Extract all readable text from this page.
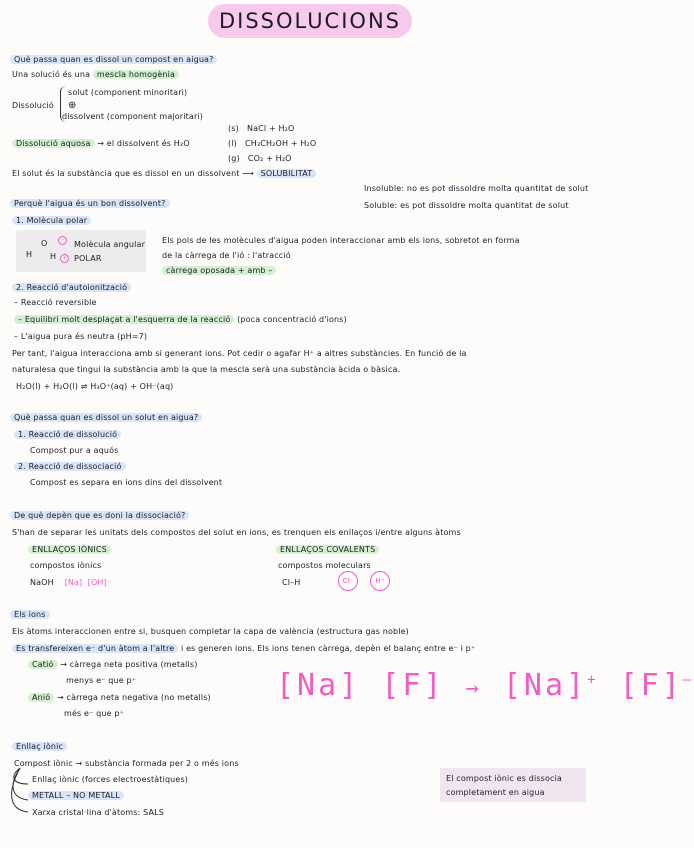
DISSOLUCIONS
Què passa quan es dissol un compost en aigua?
Una solució és una mescla homogènia
Dissolució
solut (component minoritari)
⊕
dissolvent (component majoritari)
(s) NaCl + H₂O
Dissolució aquosa → el dissolvent és H₂O	(l) CH₃CH₂OH + H₂O
(g) CO₂ + H₂O
El solut és la substància que es dissol en un dissolvent ⟶ SOLUBILITAT
Insoluble: no es pot dissoldre molta quantitat de solut
Soluble: es pot dissoldre molta quantitat de solut
Perquè l'aigua és un bon dissolvent?
1. Molècula polar
H
O
H
–
+
Molècula angular
POLAR
Els pols de les molècules d'aigua poden interaccionar amb els ions, sobretot en forma
de la càrrega de l'ió : l'atracció
càrrega oposada + amb –
2. Reacció d'autoionització
– Reacció reversible
– Equilibri molt desplaçat a l'esquerra de la reacció (poca concentració d'ions)
– L'aigua pura és neutra (pH=7)
Per tant, l'aigua interacciona amb si generant ions. Pot cedir o agafar H⁺ a altres substàncies. En funció de la
naturalesa que tingui la substància amb la que la mescla serà una substància àcida o bàsica.
H₂O(l) + H₂O(l) ⇌ H₃O⁺(aq) + OH⁻(aq)
Què passa quan es dissol un solut en aigua?
1. Reacció de dissolució
Compost pur a aquós
2. Reacció de dissociació
Compost es separa en ions dins del dissolvent
De què depèn que es doni la dissociació?
S'han de separar les unitats dels compostos del solut en ions, es trenquen els enllaços i/entre alguns àtoms
ENLLAÇOS IÒNICS
compostos iònics
NaOH [Na] [OH]⁻
ENLLAÇOS COVALENTS
compostos moleculars
Cl–H	Cl⁻	H⁺
Els ions
Els àtoms interaccionen entre si, busquen completar la capa de valència (estructura gas noble)
Es transfereixen e⁻ d'un àtom a l'altre i es generen ions. Els ions tenen càrrega, depèn el balanç entre e⁻ i p⁺
Catió → càrrega neta positiva (metalls)
menys e⁻ que p⁺
Anió → càrrega neta negativa (no metalls)
més e⁻ que p⁺
[Na] [F] → [Na]+ [F]–
Enllaç iònic
Compost iònic → substància formada per 2 o més ions
Enllaç iònic (forces electroestàtiques)
METALL – NO METALL
Xarxa cristal·lina d'àtoms: SALS
El compost iònic es dissocia
completament en aigua
